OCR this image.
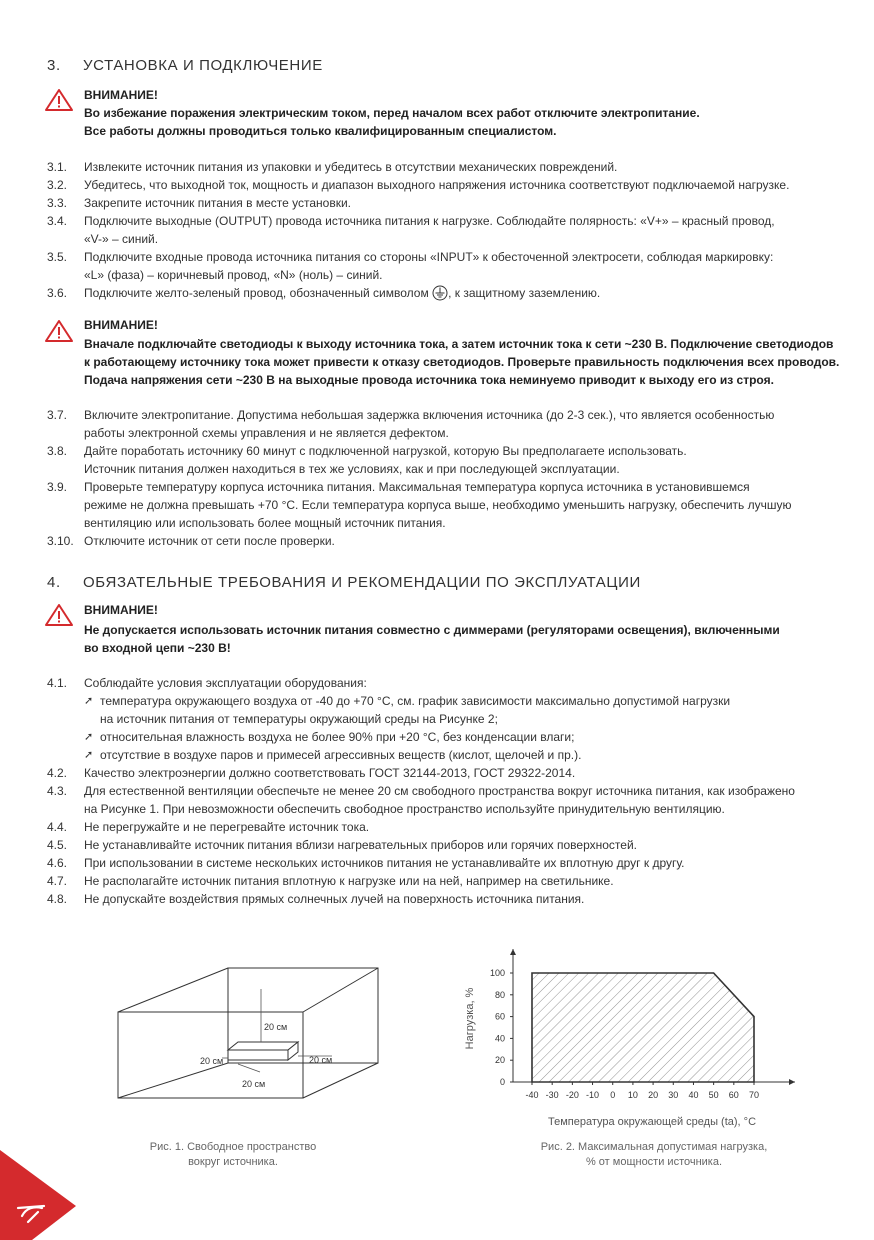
3. УСТАНОВКА И ПОДКЛЮЧЕНИЕ
ВНИМАНИЕ!
Во избежание поражения электрическим током, перед началом всех работ отключите электропитание.
Все работы должны проводиться только квалифицированным специалистом.
3.1. Извлеките источник питания из упаковки и убедитесь в отсутствии механических повреждений.
3.2. Убедитесь, что выходной ток, мощность и диапазон выходного напряжения источника соответствуют подключаемой нагрузке.
3.3. Закрепите источник питания в месте установки.
3.4. Подключите выходные (OUTPUT) провода источника питания к нагрузке. Соблюдайте полярность: «V+» – красный провод,
«V-» – синий.
3.5. Подключите входные провода источника питания со стороны «INPUT» к обесточенной электросети, соблюдая маркировку:
«L» (фаза) – коричневый провод, «N» (ноль) – синий.
3.6. Подключите желто-зеленый провод, обозначенный символом , к защитному заземлению.
ВНИМАНИЕ!
Вначале подключайте светодиоды к выходу источника тока, а затем источник тока к сети ~230 В. Подключение светодиодов
к работающему источнику тока может привести к отказу светодиодов. Проверьте правильность подключения всех проводов.
Подача напряжения сети ~230 В на выходные провода источника тока неминуемо приводит к выходу его из строя.
3.7. Включите электропитание. Допустима небольшая задержка включения источника (до 2-3 сек.), что является особенностью
работы электронной схемы управления и не является дефектом.
3.8. Дайте поработать источнику 60 минут с подключенной нагрузкой, которую Вы предполагаете использовать.
Источник питания должен находиться в тех же условиях, как и при последующей эксплуатации.
3.9. Проверьте температуру корпуса источника питания. Максимальная температура корпуса источника в установившемся
режиме не должна превышать +70 °С. Если температура корпуса выше, необходимо уменьшить нагрузку, обеспечить лучшую
вентиляцию или использовать более мощный источник питания.
3.10. Отключите источник от сети после проверки.
4. ОБЯЗАТЕЛЬНЫЕ ТРЕБОВАНИЯ И РЕКОМЕНДАЦИИ ПО ЭКСПЛУАТАЦИИ
ВНИМАНИЕ!
Не допускается использовать источник питания совместно с диммерами (регуляторами освещения), включенными
во входной цепи ~230 В!
4.1. Соблюдайте условия эксплуатации оборудования:
➚ температура окружающего воздуха от -40 до +70 °С, см. график зависимости максимально допустимой нагрузки
на источник питания от температуры окружающий среды на Рисунке 2;
➚ относительная влажность воздуха не более 90% при +20 °С, без конденсации влаги;
➚ отсутствие в воздухе паров и примесей агрессивных веществ (кислот, щелочей и пр.).
4.2. Качество электроэнергии должно соответствовать ГОСТ 32144-2013, ГОСТ 29322-2014.
4.3. Для естественной вентиляции обеспечьте не менее 20 см свободного пространства вокруг источника питания, как изображено
на Рисунке 1. При невозможности обеспечить свободное пространство используйте принудительную вентиляцию.
4.4. Не перегружайте и не перегревайте источник тока.
4.5. Не устанавливайте источник питания вблизи нагревательных приборов или горячих поверхностей.
4.6. При использовании в системе нескольких источников питания не устанавливайте их вплотную друг к другу.
4.7. Не располагайте источник питания вплотную к нагрузке или на ней, например на светильнике.
4.8. Не допускайте воздействия прямых солнечных лучей на поверхность источника питания.
20 см
20 см	20 см
20 см
Рис. 1. Свободное пространство
вокруг источника.
-40 -30 -20 -10 0 10 20 30 40 50 60 70
0
20
40
60
80
100
Температура окружающей среды (ta), °С
Нагрузка, %
Рис. 2. Максимальная допустимая нагрузка,
% от мощности источника.
